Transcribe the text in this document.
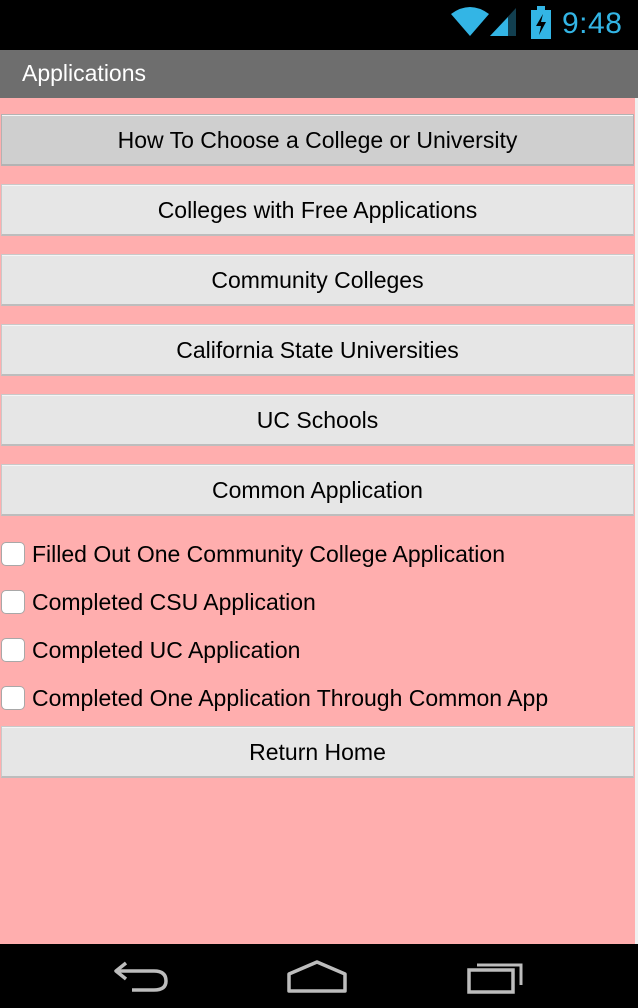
9:48
Applications
How To Choose a College or University
Colleges with Free Applications
Community Colleges
California State Universities
UC Schools
Common Application
Filled Out One Community College Application
Completed CSU Application
Completed UC Application
Completed One Application Through Common App
Return Home
